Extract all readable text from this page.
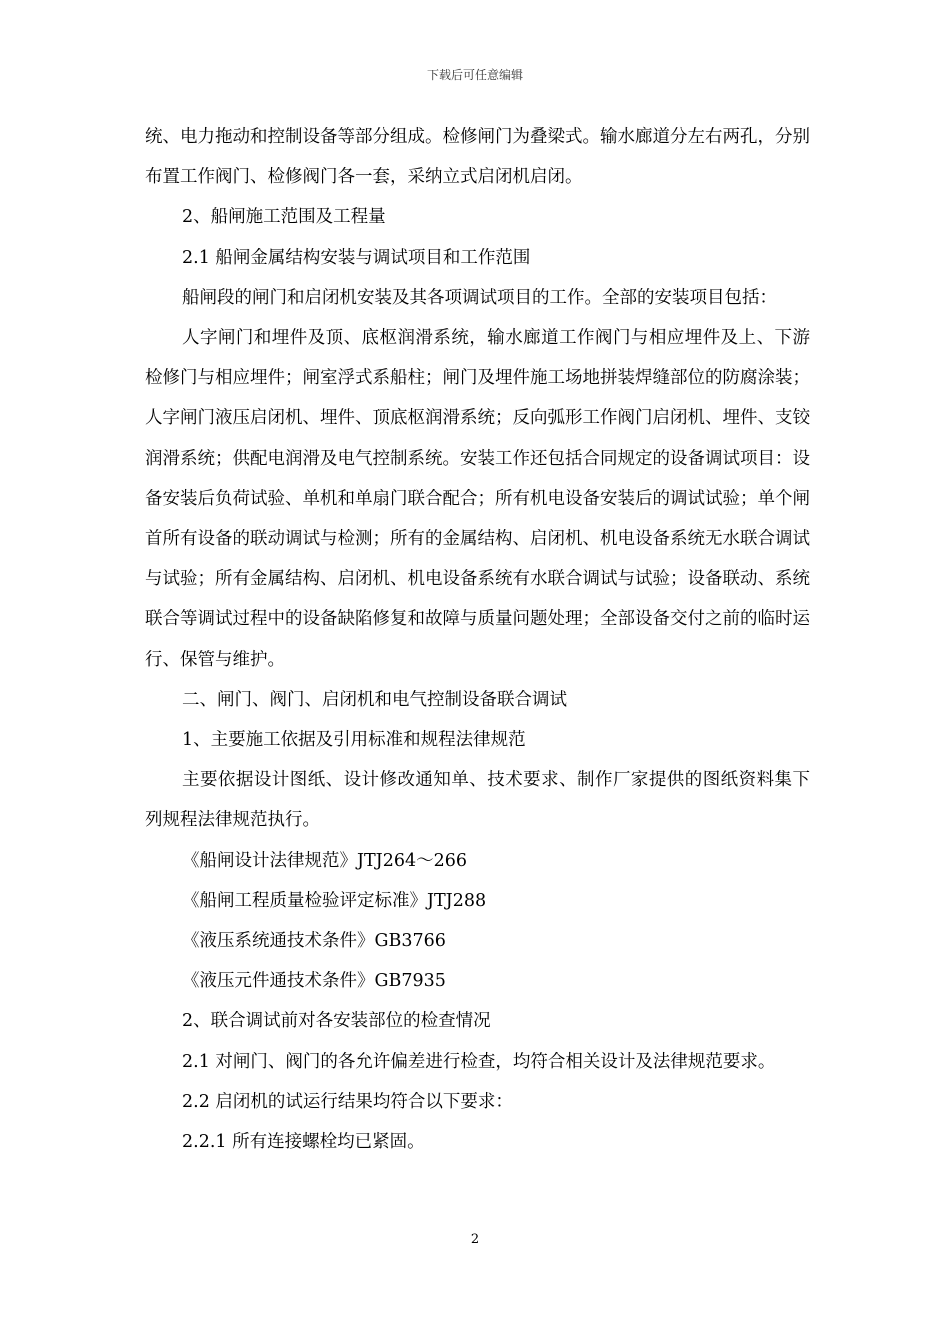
下载后可任意编辑

统、电力拖动和控制设备等部分组成。检修闸门为叠梁式。输水廊道分左右两孔，分别布置工作阀门、检修阀门各一套，采纳立式启闭机启闭。

2、船闸施工范围及工程量

2.1 船闸金属结构安装与调试项目和工作范围

船闸段的闸门和启闭机安装及其各项调试项目的工作。全部的安装项目包括：

人字闸门和埋件及顶、底枢润滑系统，输水廊道工作阀门与相应埋件及上、下游检修门与相应埋件；闸室浮式系船柱；闸门及埋件施工场地拼装焊缝部位的防腐涂装；人字闸门液压启闭机、埋件、顶底枢润滑系统；反向弧形工作阀门启闭机、埋件、支铰润滑系统；供配电润滑及电气控制系统。安装工作还包括合同规定的设备调试项目：设备安装后负荷试验、单机和单扇门联合配合；所有机电设备安装后的调试试验；单个闸首所有设备的联动调试与检测；所有的金属结构、启闭机、机电设备系统无水联合调试与试验；所有金属结构、启闭机、机电设备系统有水联合调试与试验；设备联动、系统联合等调试过程中的设备缺陷修复和故障与质量问题处理；全部设备交付之前的临时运行、保管与维护。

二、闸门、阀门、启闭机和电气控制设备联合调试

1、主要施工依据及引用标准和规程法律规范

主要依据设计图纸、设计修改通知单、技术要求、制作厂家提供的图纸资料集下列规程法律规范执行。

《船闸设计法律规范》JTJ264～266

《船闸工程质量检验评定标准》JTJ288

《液压系统通技术条件》GB3766

《液压元件通技术条件》GB7935

2、联合调试前对各安装部位的检查情况

2.1 对闸门、阀门的各允许偏差进行检查，均符合相关设计及法律规范要求。

2.2 启闭机的试运行结果均符合以下要求：

2.2.1 所有连接螺栓均已紧固。

2
